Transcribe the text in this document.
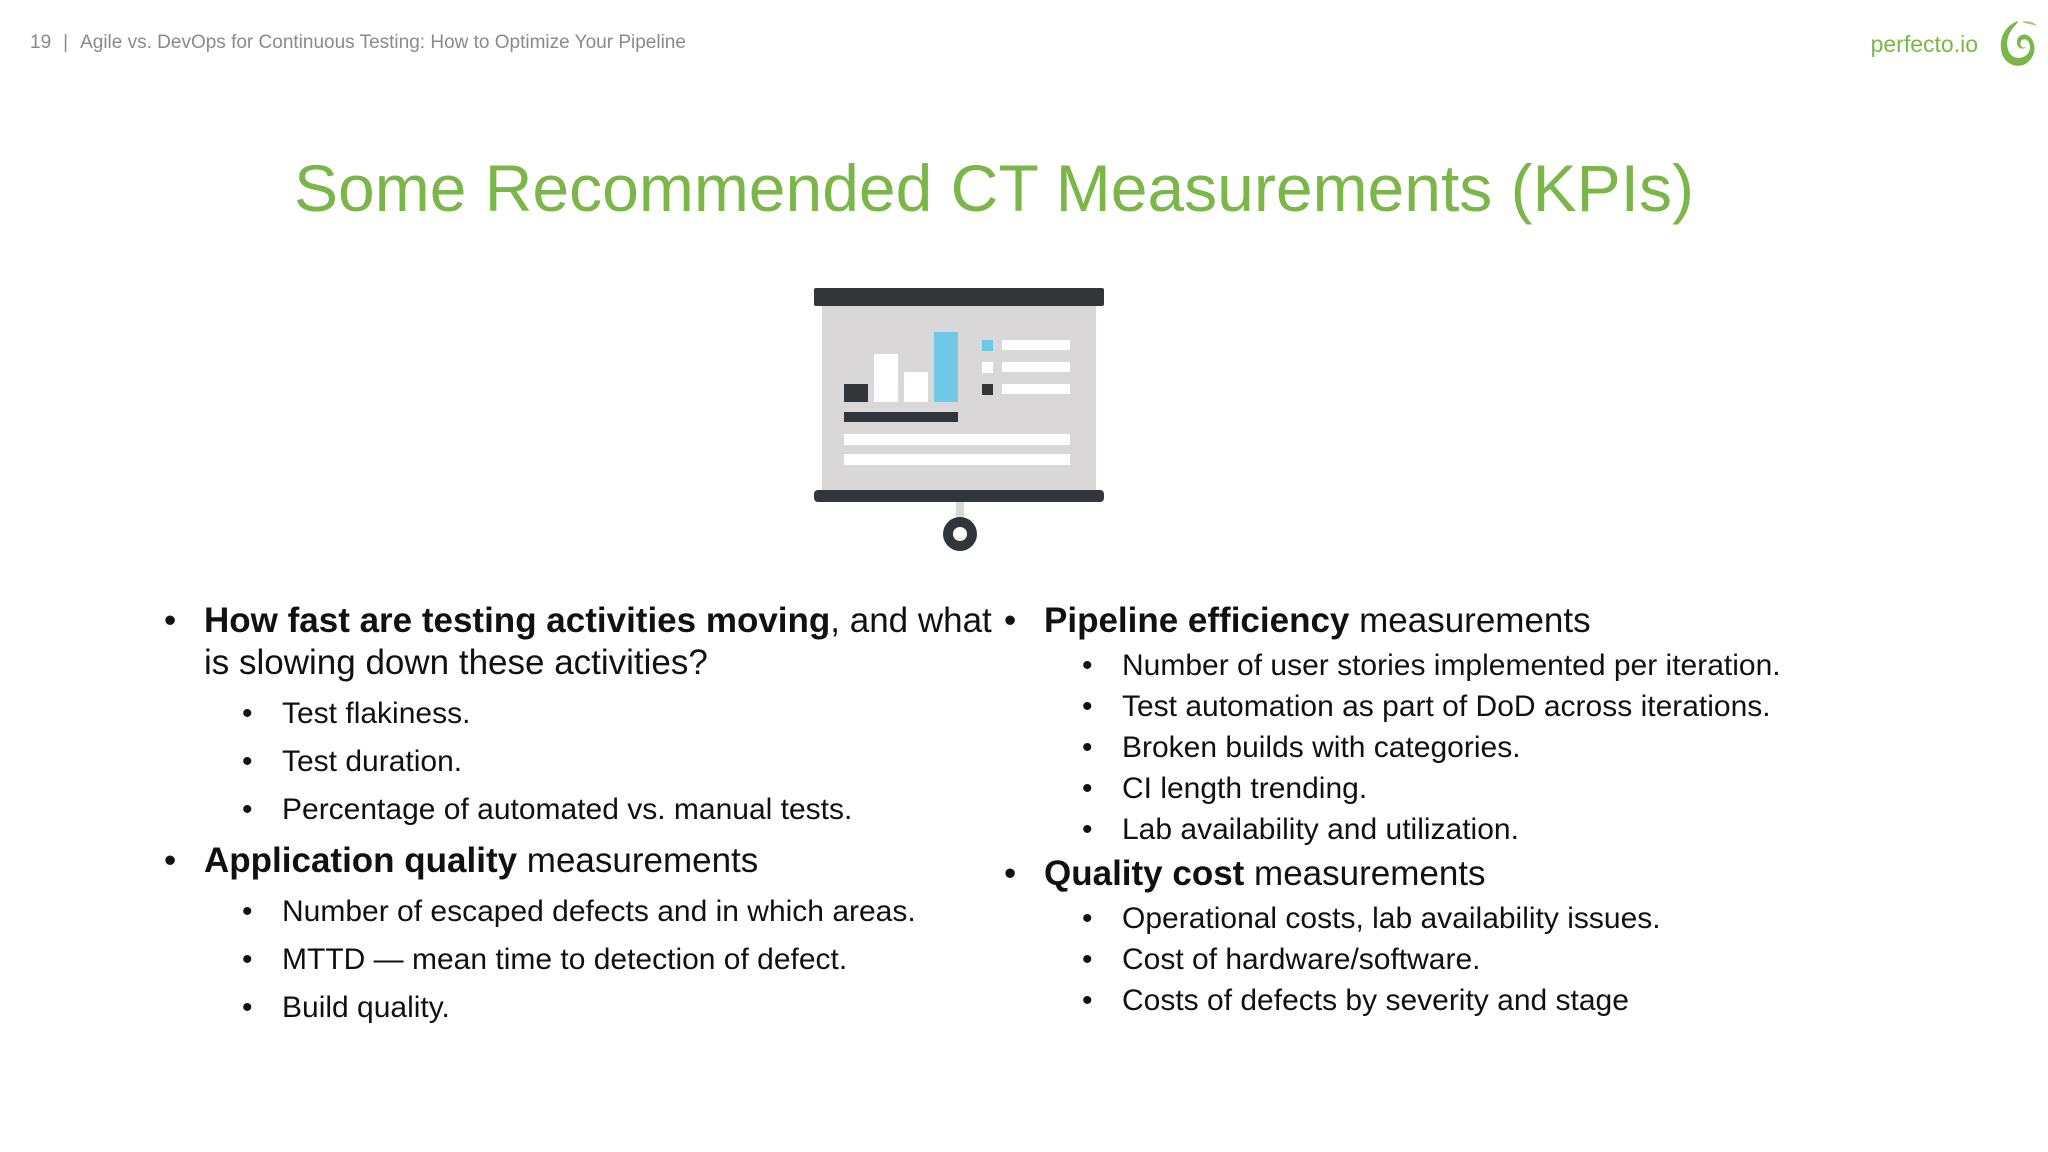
19 | Agile vs. DevOps for Continuous Testing: How to Optimize Your Pipeline	perfecto.io
Some Recommended CT Measurements (KPIs)
• How fast are testing activities moving, and what is slowing down these activities?
• Test flakiness.
• Test duration.
• Percentage of automated vs. manual tests.
• Application quality measurements
• Number of escaped defects and in which areas.
• MTTD — mean time to detection of defect.
• Build quality.
• Pipeline efficiency measurements
• Number of user stories implemented per iteration.
• Test automation as part of DoD across iterations.
• Broken builds with categories.
• CI length trending.
• Lab availability and utilization.
• Quality cost measurements
• Operational costs, lab availability issues.
• Cost of hardware/software.
• Costs of defects by severity and stage
